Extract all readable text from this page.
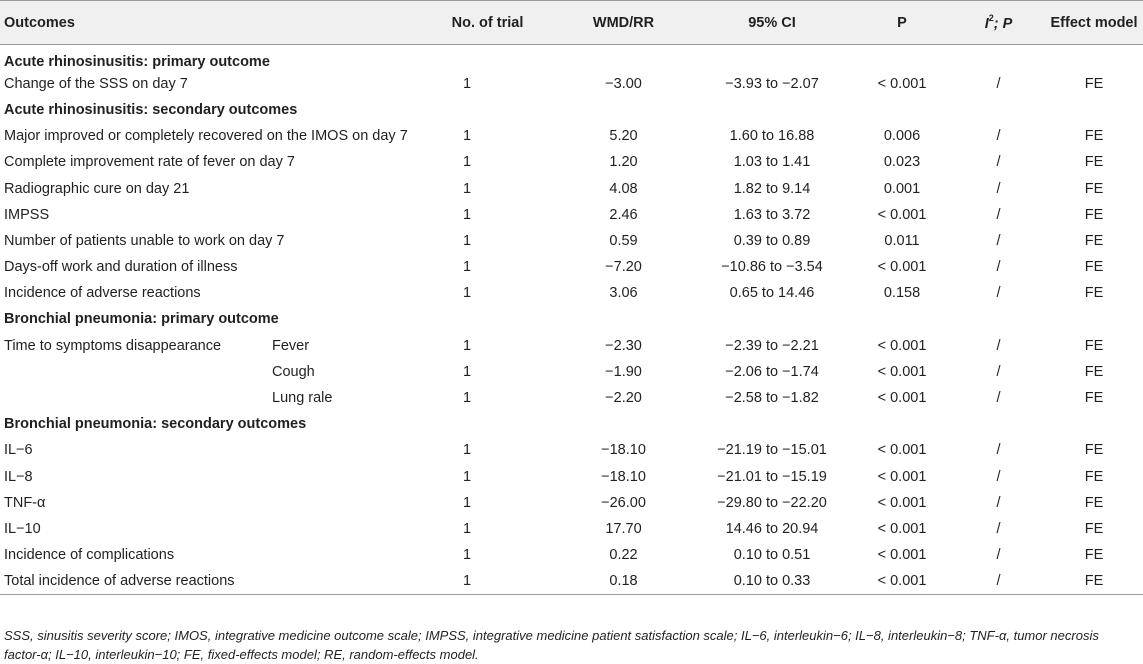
Outcomes		No. of trial	WMD/RR	95% CI	P	$I^2$; P	Effect model
Acute rhinosinusitis: primary outcome							
Change of the SSS on day 7		1	−3.00	−3.93 to −2.07	< 0.001	/	FE
Acute rhinosinusitis: secondary outcomes							
Major improved or completely recovered on the IMOS on day 7		1	5.20	1.60 to 16.88	0.006	/	FE
Complete improvement rate of fever on day 7		1	1.20	1.03 to 1.41	0.023	/	FE
Radiographic cure on day 21		1	4.08	1.82 to 9.14	0.001	/	FE
IMPSS		1	2.46	1.63 to 3.72	< 0.001	/	FE
Number of patients unable to work on day 7		1	0.59	0.39 to 0.89	0.011	/	FE
Days-off work and duration of illness		1	−7.20	−10.86 to −3.54	< 0.001	/	FE
Incidence of adverse reactions		1	3.06	0.65 to 14.46	0.158	/	FE
Bronchial pneumonia: primary outcome							
Time to symptoms disappearance	Fever	1	−2.30	−2.39 to −2.21	< 0.001	/	FE
	Cough	1	−1.90	−2.06 to −1.74	< 0.001	/	FE
	Lung rale	1	−2.20	−2.58 to −1.82	< 0.001	/	FE
Bronchial pneumonia: secondary outcomes							
IL−6		1	−18.10	−21.19 to −15.01	< 0.001	/	FE
IL−8		1	−18.10	−21.01 to −15.19	< 0.001	/	FE
TNF-α		1	−26.00	−29.80 to −22.20	< 0.001	/	FE
IL−10		1	17.70	14.46 to 20.94	< 0.001	/	FE
Incidence of complications		1	0.22	0.10 to 0.51	< 0.001	/	FE
Total incidence of adverse reactions		1	0.18	0.10 to 0.33	< 0.001	/	FE
SSS, sinusitis severity score; IMOS, integrative medicine outcome scale; IMPSS, integrative medicine patient satisfaction scale; IL−6, interleukin−6; IL−8, interleukin−8; TNF-α, tumor necrosis factor-α; IL−10, interleukin−10; FE, fixed-effects model; RE, random-effects model.
